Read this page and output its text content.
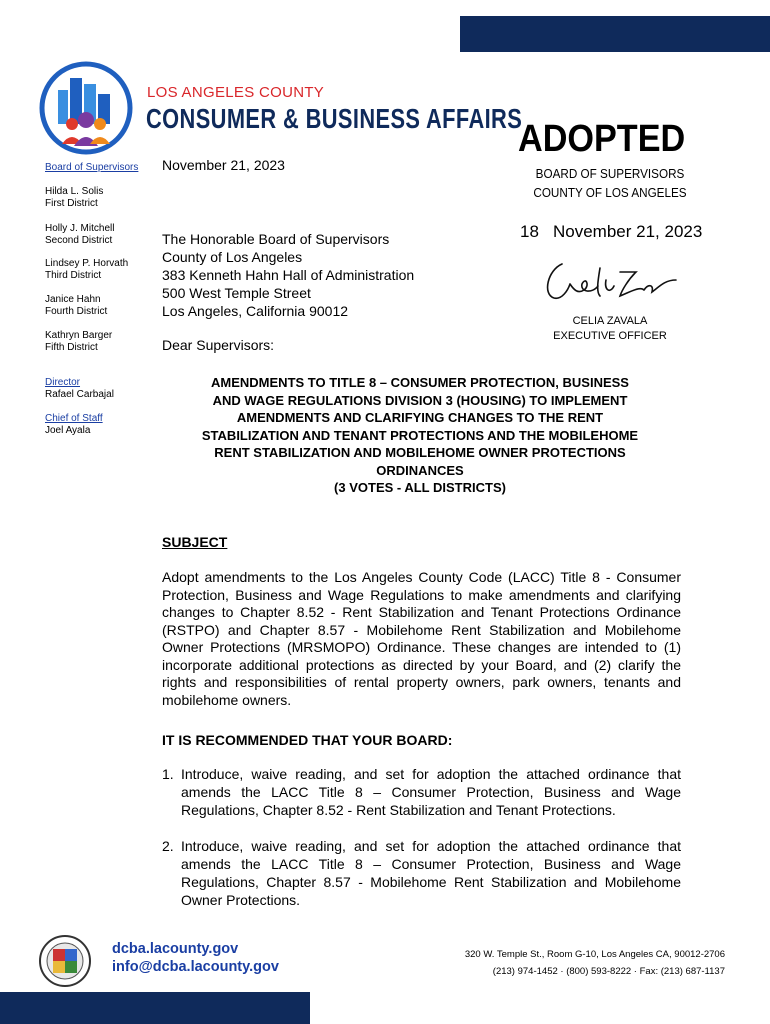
LOS ANGELES COUNTY
CONSUMER & BUSINESS AFFAIRS
Board of Supervisors
Hilda L. Solis
First District
Holly J. Mitchell
Second District
Lindsey P. Horvath
Third District
Janice Hahn
Fourth District
Kathryn Barger
Fifth District
Director
Rafael Carbajal
Chief of Staff
Joel Ayala
November 21, 2023
The Honorable Board of Supervisors
County of Los Angeles
383 Kenneth Hahn Hall of Administration
500 West Temple Street
Los Angeles, California 90012
Dear Supervisors:
ADOPTED
BOARD OF SUPERVISORS
COUNTY OF LOS ANGELES
18 November 21, 2023
CELIA ZAVALA
EXECUTIVE OFFICER
AMENDMENTS TO TITLE 8 – CONSUMER PROTECTION, BUSINESS
AND WAGE REGULATIONS DIVISION 3 (HOUSING) TO IMPLEMENT
AMENDMENTS AND CLARIFYING CHANGES TO THE RENT
STABILIZATION AND TENANT PROTECTIONS AND THE MOBILEHOME
RENT STABILIZATION AND MOBILEHOME OWNER PROTECTIONS
ORDINANCES
(3 VOTES - ALL DISTRICTS)
SUBJECT
Adopt amendments to the Los Angeles County Code (LACC) Title 8 - Consumer Protection, Business and Wage Regulations to make amendments and clarifying changes to Chapter 8.52 - Rent Stabilization and Tenant Protections Ordinance (RSTPO) and Chapter 8.57 - Mobilehome Rent Stabilization and Mobilehome Owner Protections (MRSMOPO) Ordinance. These changes are intended to (1) incorporate additional protections as directed by your Board, and (2) clarify the rights and responsibilities of rental property owners, park owners, tenants and mobilehome owners.
IT IS RECOMMENDED THAT YOUR BOARD:
1. Introduce, waive reading, and set for adoption the attached ordinance that amends the LACC Title 8 – Consumer Protection, Business and Wage Regulations, Chapter 8.52 - Rent Stabilization and Tenant Protections.
2. Introduce, waive reading, and set for adoption the attached ordinance that amends the LACC Title 8 – Consumer Protection, Business and Wage Regulations, Chapter 8.57 - Mobilehome Rent Stabilization and Mobilehome Owner Protections.
dcba.lacounty.gov
info@dcba.lacounty.gov
320 W. Temple St., Room G-10, Los Angeles CA, 90012-2706
(213) 974-1452 · (800) 593-8222 · Fax: (213) 687-1137
